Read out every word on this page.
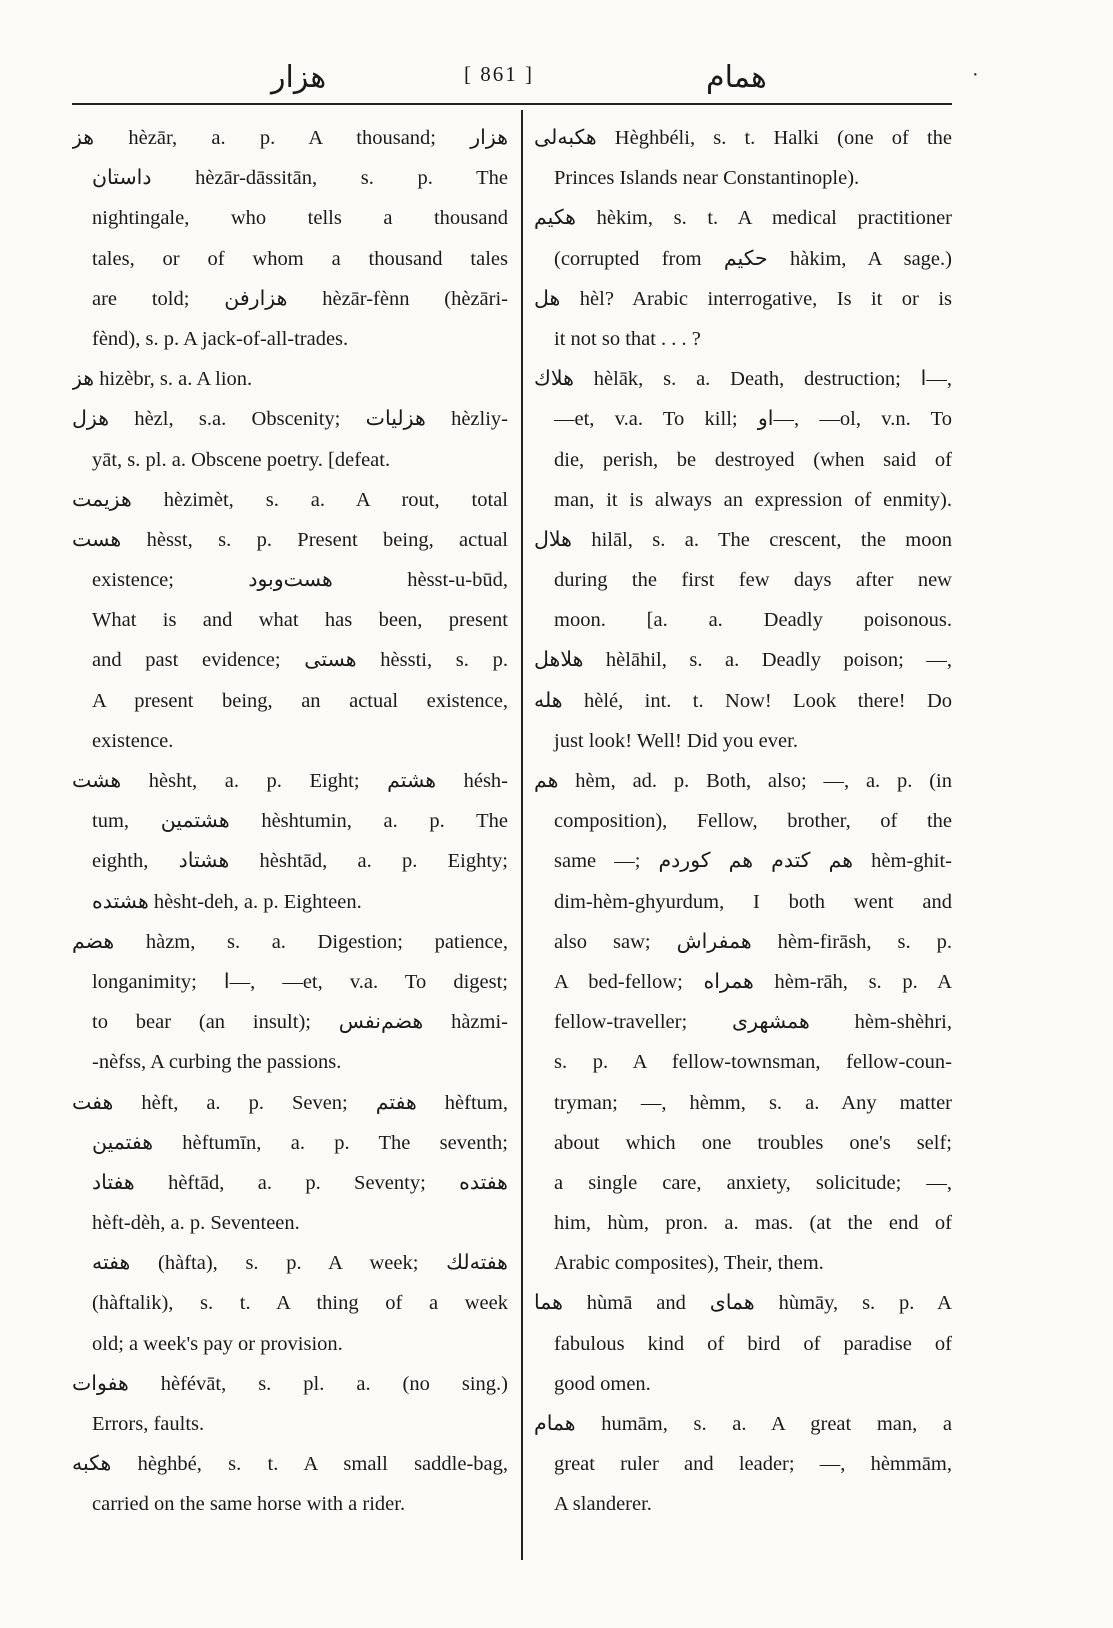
هزار	[ 861 ]	همام	·
هز hèzār, a. p. A thousand; هزار
داستان hèzār-dāssitān, s. p. The
nightingale, who tells a thousand
tales, or of whom a thousand tales
are told; هزارفن hèzār-fènn (hèzāri-
fènd), s. p. A jack-of-all-trades.
هز hizèbr, s. a. A lion.
هزل hèzl, s.a. Obscenity; هزليات hèzliy-
yāt, s. pl. a. Obscene poetry. [defeat.
هزيمت hèzimèt, s. a. A rout, total
هست hèsst, s. p. Present being, actual
existence; هست‌وبود hèsst-u-būd,
What is and what has been, present
and past evidence; هستى hèssti, s. p.
A present being, an actual existence,
existence.
هشت hèsht, a. p. Eight; هشتم hésh-
tum, هشتمين hèshtumin, a. p. The
eighth, هشتاد hèshtād, a. p. Eighty;
هشتده hèsht-deh, a. p. Eighteen.
هضم hàzm, s. a. Digestion; patience,
longanimity; ا—, —et, v.a. To digest;
to bear (an insult); هضم‌نفس hàzmi-
-nèfss, A curbing the passions.
هفت hèft, a. p. Seven; هفتم hèftum,
هفتمين hèftumīn, a. p. The seventh;
هفتاد hèftād, a. p. Seventy; هفتده
hèft-dèh, a. p. Seventeen.
هفته (hàfta), s. p. A week; هفته‌لك
(hàftalik), s. t. A thing of a week
old; a week's pay or provision.
هفوات hèfévāt, s. pl. a. (no sing.)
Errors, faults.
هكبه hèghbé, s. t. A small saddle-bag,
carried on the same horse with a rider.
هكبه‌لى Hèghbéli, s. t. Halki (one of the
Princes Islands near Constantinople).
هكيم hèkim, s. t. A medical practitioner
(corrupted from حكيم hàkim, A sage.)
هل hèl? Arabic interrogative, Is it or is
it not so that . . . ?
هلاك hèlāk, s. a. Death, destruction; ا—,
—et, v.a. To kill; او—, —ol, v.n. To
die, perish, be destroyed (when said of
man, it is always an expression of enmity).
هلال hilāl, s. a. The crescent, the moon
during the first few days after new
moon. [a. a. Deadly poisonous.
هلاهل hèlāhil, s. a. Deadly poison; —,
هله hèlé, int. t. Now! Look there! Do
just look! Well! Did you ever.
هم hèm, ad. p. Both, also; —, a. p. (in
composition), Fellow, brother, of the
same —; هم كتدم هم كوردم hèm-ghit-
dim-hèm-ghyurdum, I both went and
also saw; همفراش hèm-firāsh, s. p.
A bed-fellow; همراه hèm-rāh, s. p. A
fellow-traveller; همشهرى hèm-shèhri,
s. p. A fellow-townsman, fellow-coun-
tryman; —, hèmm, s. a. Any matter
about which one troubles one's self;
a single care, anxiety, solicitude; —,
him, hùm, pron. a. mas. (at the end of
Arabic composites), Their, them.
هما hùmā and هماى hùmāy, s. p. A
fabulous kind of bird of paradise of
good omen.
همام humām, s. a. A great man, a
great ruler and leader; —, hèmmām,
A slanderer.
